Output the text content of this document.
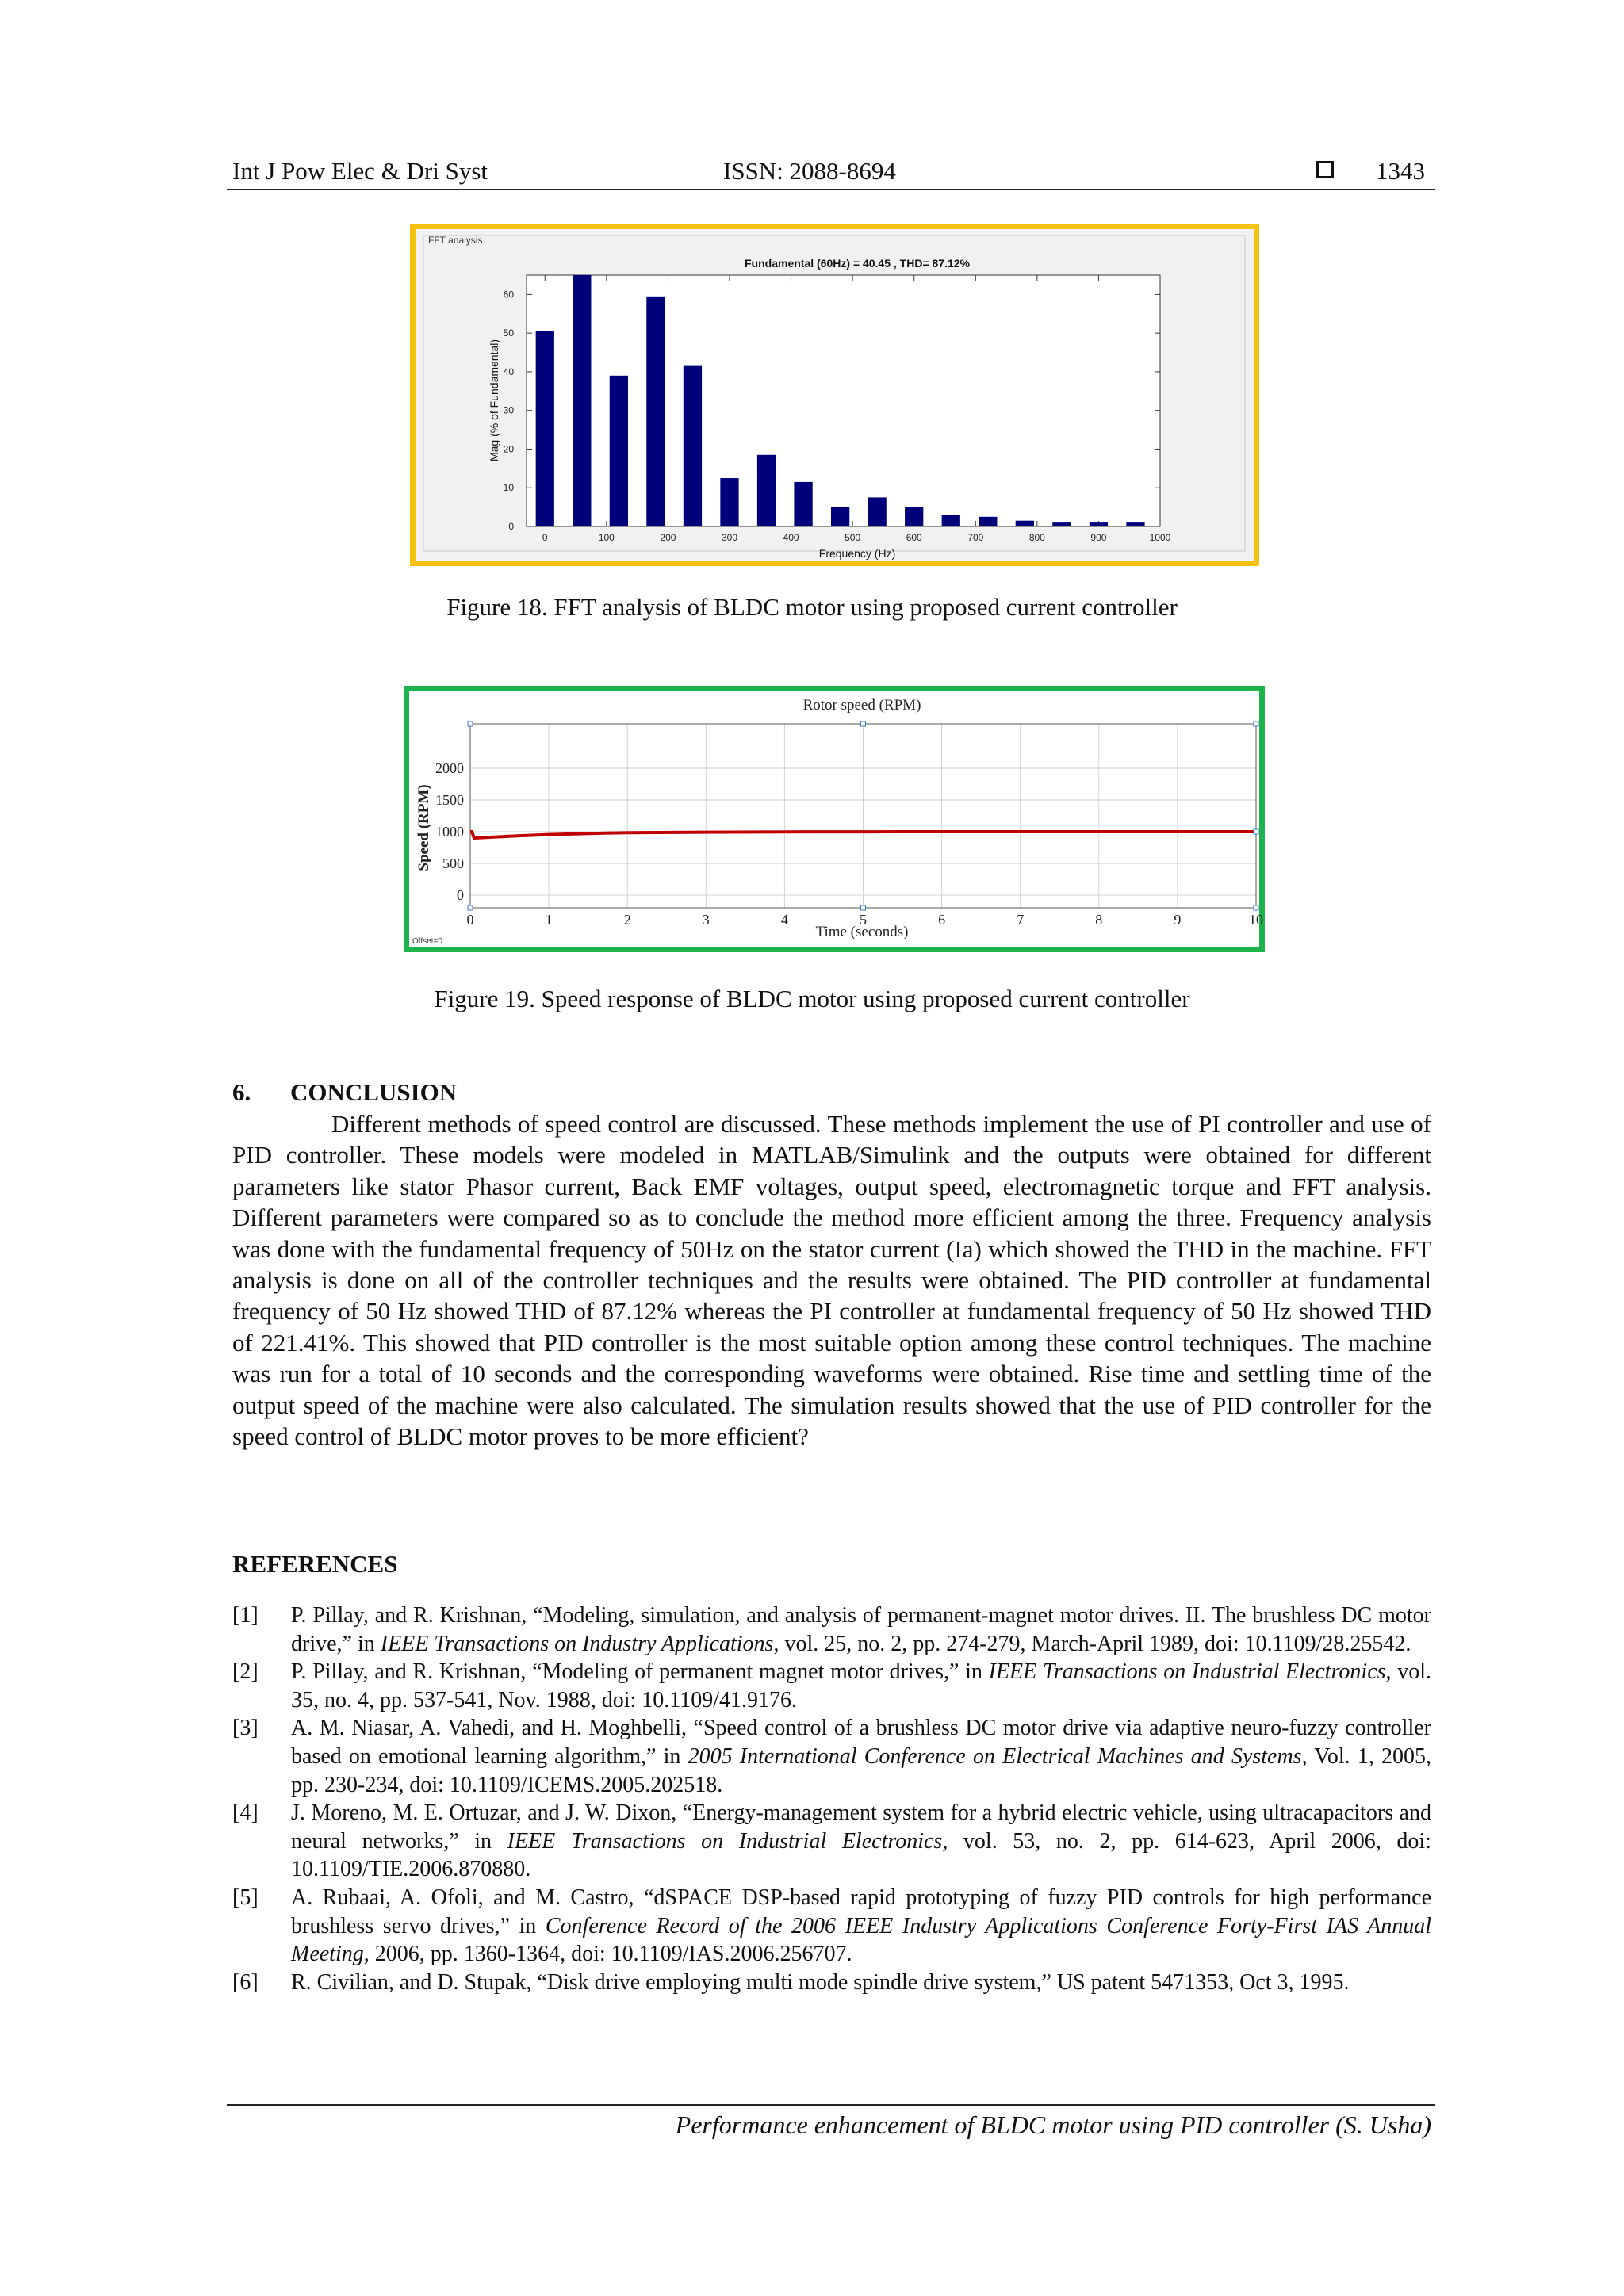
Int J Pow Elec & Dri Syst	ISSN: 2088-8694	1343
FFT analysis
Fundamental (60Hz) = 40.45 , THD= 87.12%
Frequency (Hz)
Mag (% of Fundamental)
0	100	200	300	400	500	600	700	800	900	1000
0
10
20
30
40
50
60
Figure 18. FFT analysis of BLDC motor using proposed current controller
Rotor speed (RPM)
Time (seconds)
Speed (RPM)
Offset=0
0	1	2	3	4	5	6	7	8	9	10
0
500
1000
1500
2000
Figure 19. Speed response of BLDC motor using proposed current controller
6. CONCLUSION
Different methods of speed control are discussed. These methods implement the use of PI controller and use of PID controller. These models were modeled in MATLAB/Simulink and the outputs were obtained for different parameters like stator Phasor current, Back EMF voltages, output speed, electromagnetic torque and FFT analysis. Different parameters were compared so as to conclude the method more efficient among the three. Frequency analysis was done with the fundamental frequency of 50Hz on the stator current (Ia) which showed the THD in the machine. FFT analysis is done on all of the controller techniques and the results were obtained. The PID controller at fundamental frequency of 50 Hz showed THD of 87.12% whereas the PI controller at fundamental frequency of 50 Hz showed THD of 221.41%. This showed that PID controller is the most suitable option among these control techniques. The machine was run for a total of 10 seconds and the corresponding waveforms were obtained. Rise time and settling time of the output speed of the machine were also calculated. The simulation results showed that the use of PID controller for the speed control of BLDC motor proves to be more efficient?
REFERENCES
[1]	P. Pillay, and R. Krishnan, “Modeling, simulation, and analysis of permanent-magnet motor drives. II. The brushless DC motor drive,” in IEEE Transactions on Industry Applications, vol. 25, no. 2, pp. 274-279, March-April 1989, doi: 10.1109/28.25542.
[2]	P. Pillay, and R. Krishnan, “Modeling of permanent magnet motor drives,” in IEEE Transactions on Industrial Electronics, vol. 35, no. 4, pp. 537-541, Nov. 1988, doi: 10.1109/41.9176.
[3]	A. M. Niasar, A. Vahedi, and H. Moghbelli, “Speed control of a brushless DC motor drive via adaptive neuro-fuzzy controller based on emotional learning algorithm,” in 2005 International Conference on Electrical Machines and Systems, Vol. 1, 2005, pp. 230-234, doi: 10.1109/ICEMS.2005.202518.
[4]	J. Moreno, M. E. Ortuzar, and J. W. Dixon, “Energy-management system for a hybrid electric vehicle, using ultracapacitors and neural networks,” in IEEE Transactions on Industrial Electronics, vol. 53, no. 2, pp. 614-623, April 2006, doi: 10.1109/TIE.2006.870880.
[5]	A. Rubaai, A. Ofoli, and M. Castro, “dSPACE DSP-based rapid prototyping of fuzzy PID controls for high performance brushless servo drives,” in Conference Record of the 2006 IEEE Industry Applications Conference Forty-First IAS Annual Meeting, 2006, pp. 1360-1364, doi: 10.1109/IAS.2006.256707.
[6]	R. Civilian, and D. Stupak, “Disk drive employing multi mode spindle drive system,” US patent 5471353, Oct 3, 1995.
Performance enhancement of BLDC motor using PID controller (S. Usha)
